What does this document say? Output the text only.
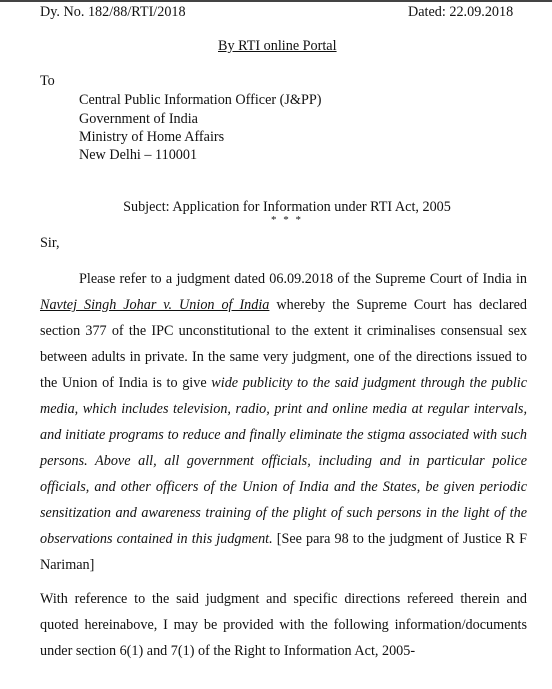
Dy. No. 182/88/RTI/2018	Dated: 22.09.2018
By RTI online Portal
To
Central Public Information Officer (J&PP)
Government of India
Ministry of Home Affairs
New Delhi – 110001
Subject: Application for Information under RTI Act, 2005
* * *
Sir,

Please refer to a judgment dated 06.09.2018 of the Supreme Court of India in Navtej Singh Johar v. Union of India whereby the Supreme Court has declared section 377 of the IPC unconstitutional to the extent it criminalises consensual sex between adults in private. In the same very judgment, one of the directions issued to the Union of India is to give wide publicity to the said judgment through the public media, which includes television, radio, print and online media at regular intervals, and initiate programs to reduce and finally eliminate the stigma associated with such persons. Above all, all government officials, including and in particular police officials, and other officers of the Union of India and the States, be given periodic sensitization and awareness training of the plight of such persons in the light of the observations contained in this judgment. [See para 98 to the judgment of Justice R F Nariman]

With reference to the said judgment and specific directions refereed therein and quoted hereinabove, I may be provided with the following information/documents under section 6(1) and 7(1) of the Right to Information Act, 2005-
